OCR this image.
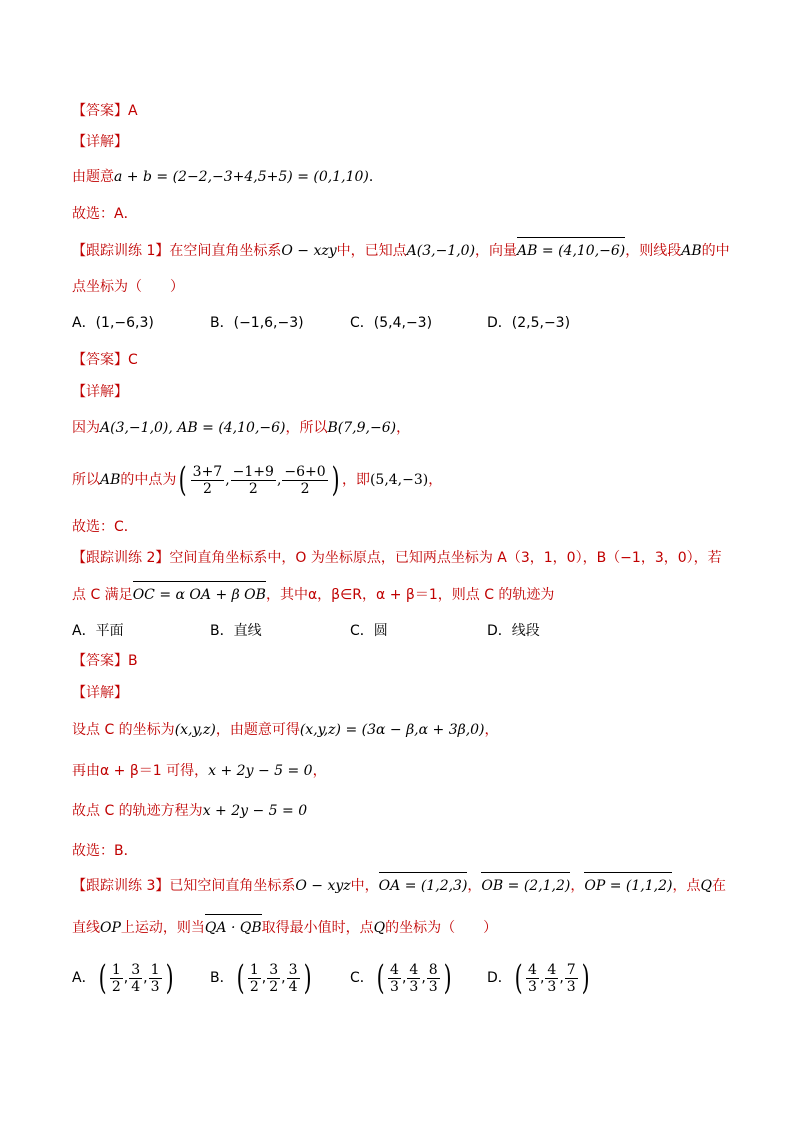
【答案】A
【详解】
由题意a + b = (2−2,−3+4,5+5) = (0,1,10)．
故选：A．
【跟踪训练 1】在空间直角坐标系O − xzy中，已知点A(3,−1,0)，向量AB = (4,10,−6)，则线段AB的中
点坐标为（　　）
A．(1,−6,3)	B．(−1,6,−3)	C．(5,4,−3)	D．(2,5,−3)
【答案】C
【详解】
因为A(3,−1,0), AB = (4,10,−6)，所以B(7,9,−6)，
所以AB的中点为( $\frac{3+7}{2}$ , $\frac{-1+9}{2}$ , $\frac{-6+0}{2}$ ) ，即(5,4,−3)，
故选：C．
【跟踪训练 2】空间直角坐标系中，O 为坐标原点，已知两点坐标为 A（3，1，0），B（−1，3，0），若
点 C 满足OC = α OA + β OB，其中α，β∈R，α + β＝1，则点 C 的轨迹为
A．平面	B．直线	C．圆	D．线段
【答案】B
【详解】
设点 C 的坐标为(x,y,z)，由题意可得(x,y,z) = (3α − β,α + 3β,0)，
再由α + β＝1 可得，x + 2y − 5 = 0，
故点 C 的轨迹方程为x + 2y − 5 = 0
故选：B．
【跟踪训练 3】已知空间直角坐标系O − xyz中，OA = (1,2,3)，OB = (2,1,2)，OP = (1,1,2)，点Q在
直线OP上运动，则当QA · QB取得最小值时，点Q的坐标为（　　）
A．( $\frac{1}{2}$ , $\frac{3}{4}$ , $\frac{1}{3}$ )	B．( $\frac{1}{2}$ , $\frac{3}{2}$ , $\frac{3}{4}$ )	C．( $\frac{4}{3}$ , $\frac{4}{3}$ , $\frac{8}{3}$ )	D．( $\frac{4}{3}$ , $\frac{4}{3}$ , $\frac{7}{3}$ )
